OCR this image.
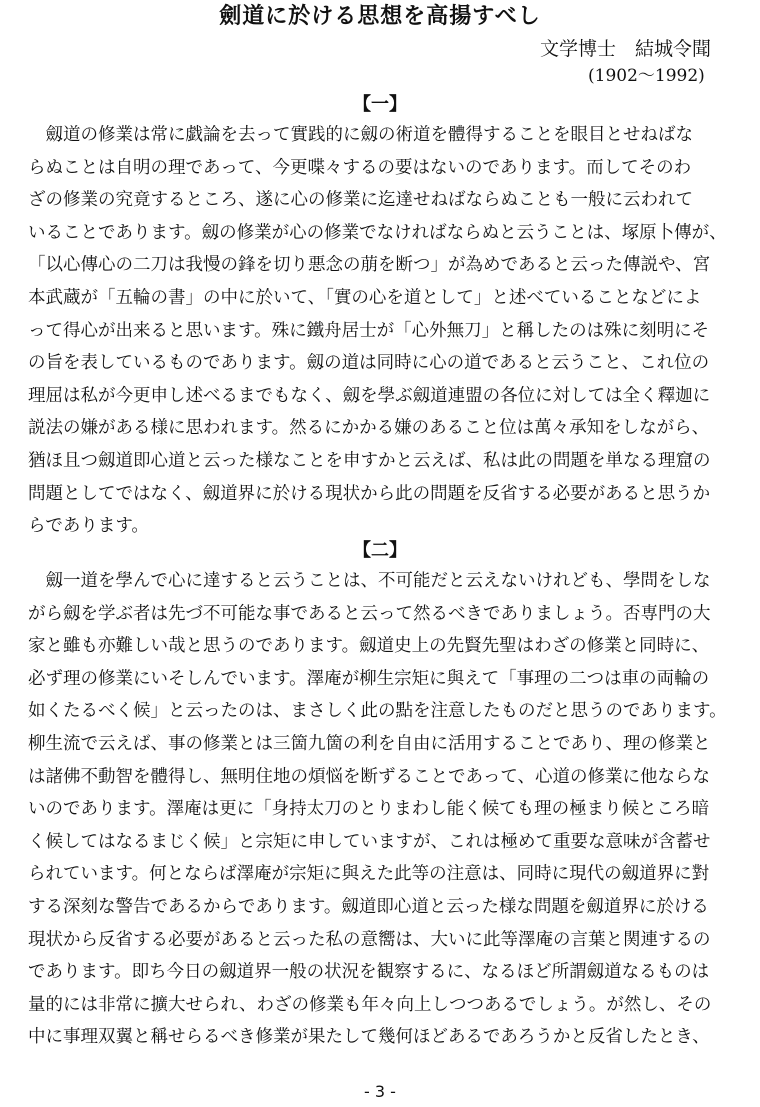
劍道に於ける思想を高揚すべし
文学博士　結城令聞
(1902〜1992)
【一】
　劔道の修業は常に戯論を去って實践的に劔の術道を體得することを眼目とせねばな
らぬことは自明の理であって、今更喋々するの要はないのであります。而してそのわ
ざの修業の究竟するところ、遂に心の修業に迄達せねばならぬことも一般に云われて
いることであります。劔の修業が心の修業でなければならぬと云うことは、塚原卜傳が、
「以心傳心の二刀は我慢の鋒を切り悪念の萠を断つ」が為めであると云った傳説や、宮
本武蔵が「五輪の書」の中に於いて、「實の心を道として」と述べていることなどによ
って得心が出来ると思います。殊に鐵舟居士が「心外無刀」と稱したのは殊に刻明にそ
の旨を表しているものであります。劔の道は同時に心の道であると云うこと、これ位の
理屈は私が今更申し述べるまでもなく、劔を學ぶ劔道連盟の各位に対しては全く釋迦に
説法の嫌がある様に思われます。然るにかかる嫌のあること位は萬々承知をしながら、
猶ほ且つ劔道即心道と云った様なことを申すかと云えば、私は此の問題を単なる理窟の
問題としてではなく、劔道界に於ける現状から此の問題を反省する必要があると思うか
らであります。
【二】
　劔一道を學んで心に達すると云うことは、不可能だと云えないけれども、學問をしな
がら劔を学ぶ者は先づ不可能な事であると云って然るべきでありましょう。否専門の大
家と雖も亦難しい哉と思うのであります。劔道史上の先賢先聖はわざの修業と同時に、
必ず理の修業にいそしんでいます。澤庵が柳生宗矩に與えて「事理の二つは車の両輪の
如くたるべく候」と云ったのは、まさしく此の點を注意したものだと思うのであります。
柳生流で云えば、事の修業とは三箇九箇の利を自由に活用することであり、理の修業と
は諸佛不動智を體得し、無明住地の煩悩を断ずることであって、心道の修業に他ならな
いのであります。澤庵は更に「身持太刀のとりまわし能く候ても理の極まり候ところ暗
く候してはなるまじく候」と宗矩に申していますが、これは極めて重要な意味が含蓄せ
られています。何とならば澤庵が宗矩に與えた此等の注意は、同時に現代の劔道界に對
する深刻な警告であるからであります。劔道即心道と云った様な問題を劔道界に於ける
現状から反省する必要があると云った私の意嚮は、大いに此等澤庵の言葉と関連するの
であります。即ち今日の劔道界一般の状況を観察するに、なるほど所謂劔道なるものは
量的には非常に擴大せられ、わざの修業も年々向上しつつあるでしょう。が然し、その
中に事理双翼と稱せらるべき修業が果たして幾何ほどあるであろうかと反省したとき、
- 3 -
